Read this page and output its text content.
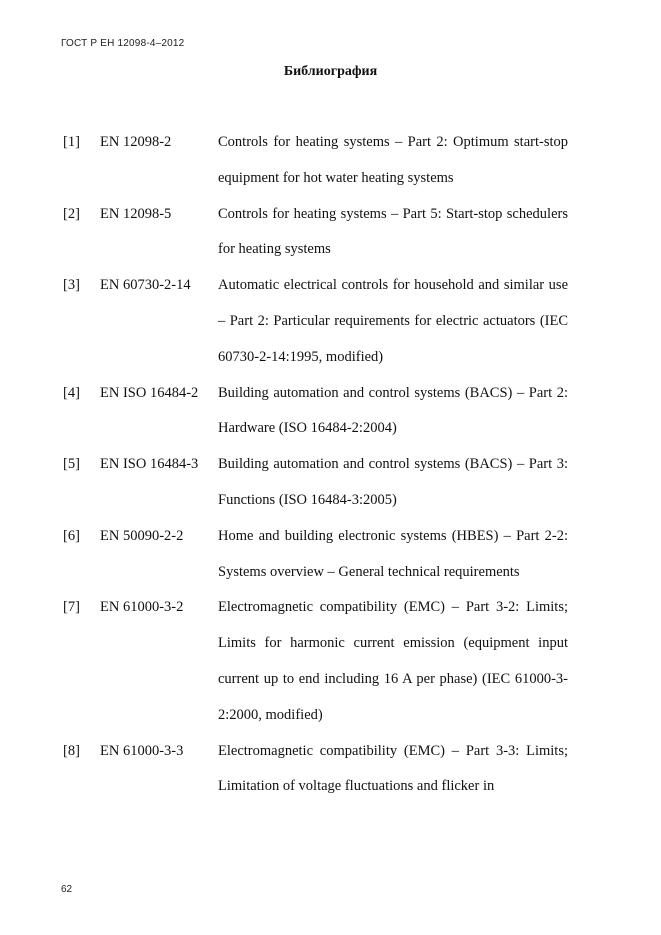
ГОСТ Р ЕН 12098-4–2012
Библиография
[1]	EN 12098-2	Controls for heating systems – Part 2: Optimum start-stop equipment for hot water heating systems

[2]	EN 12098-5	Controls for heating systems – Part 5: Start-stop schedulers for heating systems

[3]	EN 60730-2-14	Automatic electrical controls for household and similar use – Part 2: Particular requirements for electric actuators (IEC 60730-2-14:1995, modified)

[4]	EN ISO 16484-2	Building automation and control systems (BACS) – Part 2: Hardware (ISO 16484-2:2004)

[5]	EN ISO 16484-3	Building automation and control systems (BACS) – Part 3: Functions (ISO 16484-3:2005)

[6]	EN 50090-2-2	Home and building electronic systems (HBES) – Part 2-2: Systems overview – General technical requirements

[7]	EN 61000-3-2	Electromagnetic compatibility (EMC) – Part 3-2: Limits; Limits for harmonic current emission (equipment input current up to end including 16 A per phase) (IEC 61000-3-2:2000, modified)

[8]	EN 61000-3-3	Electromagnetic compatibility (EMC) – Part 3-3: Limits; Limitation of voltage fluctuations and flicker in

62
